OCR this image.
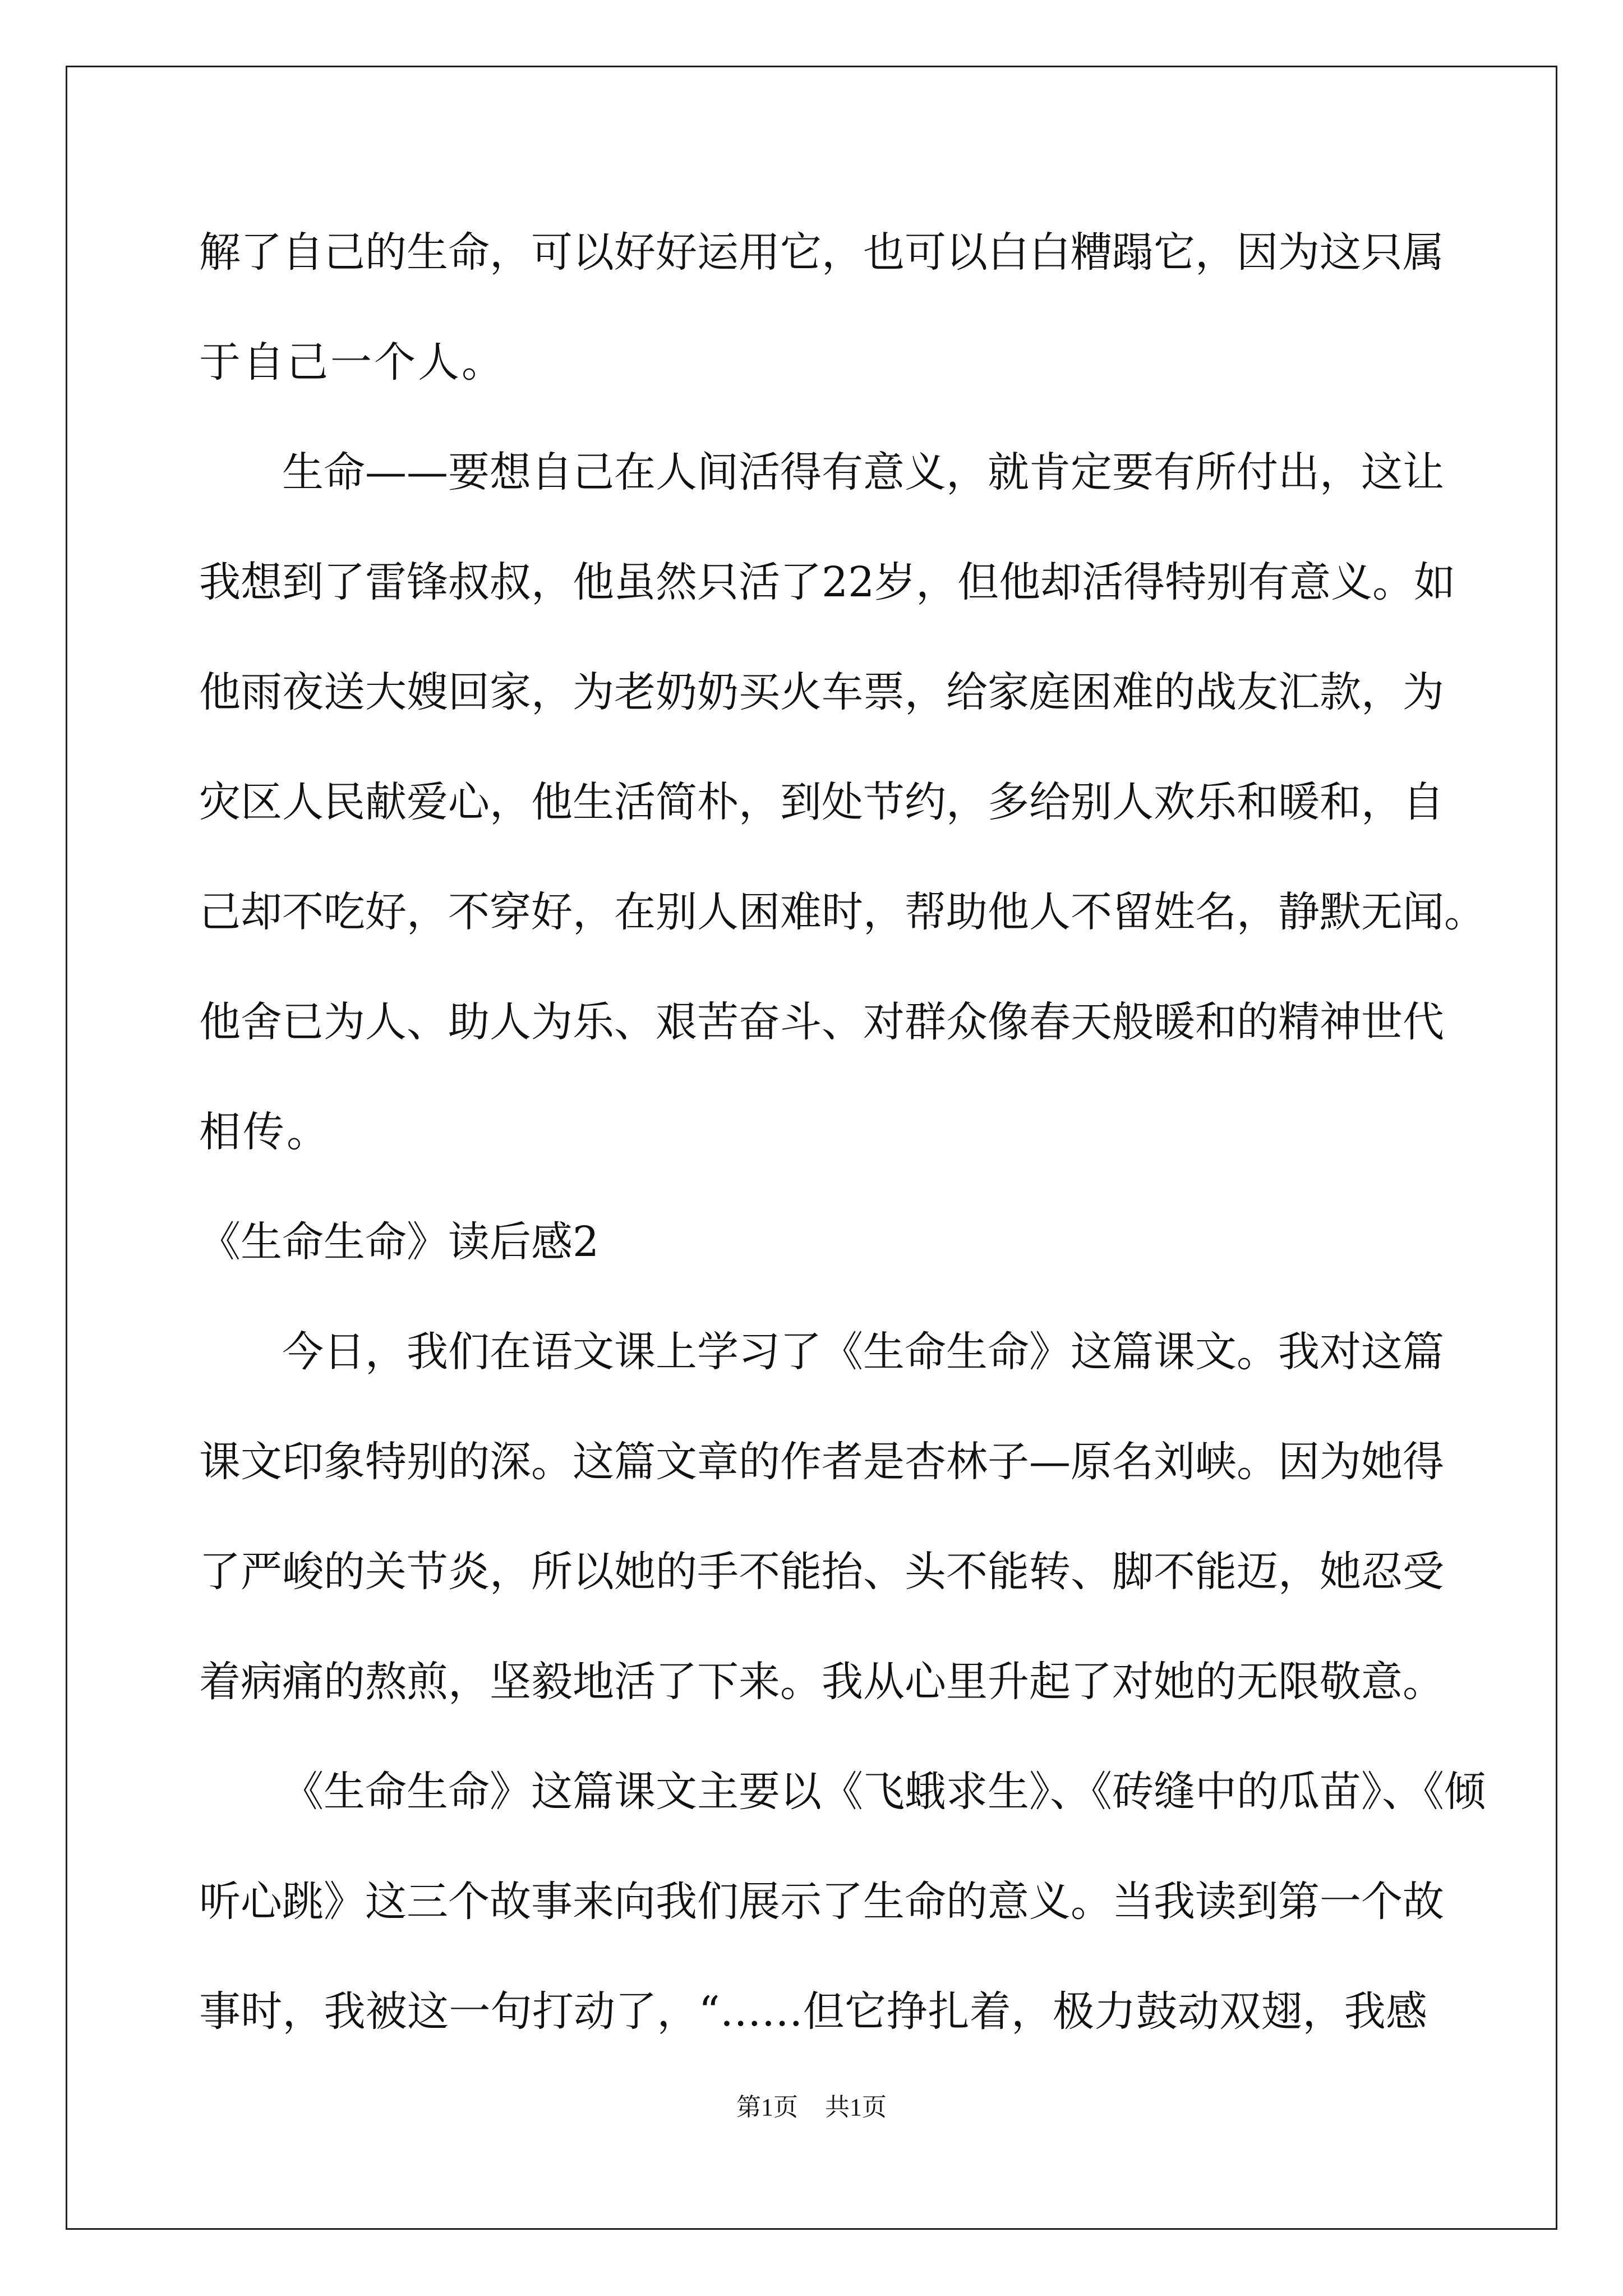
解了自己的生命，可以好好运用它，也可以白白糟蹋它，因为这只属
于自己一个人。
生命——要想自己在人间活得有意义，就肯定要有所付出，这让
我想到了雷锋叔叔，他虽然只活了22岁，但他却活得特别有意义。如
他雨夜送大嫂回家，为老奶奶买火车票，给家庭困难的战友汇款，为
灾区人民献爱心，他生活简朴，到处节约，多给别人欢乐和暖和，自
己却不吃好，不穿好，在别人困难时，帮助他人不留姓名，静默无闻。
他舍已为人、助人为乐、艰苦奋斗、对群众像春天般暖和的精神世代
相传。
《生命生命》读后感2
今日，我们在语文课上学习了《生命生命》这篇课文。我对这篇
课文印象特别的深。这篇文章的作者是杏林子—原名刘峡。因为她得
了严峻的关节炎，所以她的手不能抬、头不能转、脚不能迈，她忍受
着病痛的熬煎，坚毅地活了下来。我从心里升起了对她的无限敬意。
《生命生命》这篇课文主要以《飞蛾求生》、《砖缝中的瓜苗》、《倾
听心跳》这三个故事来向我们展示了生命的意义。当我读到第一个故
事时，我被这一句打动了，“……但它挣扎着，极力鼓动双翅，我感
第1页 共1页
